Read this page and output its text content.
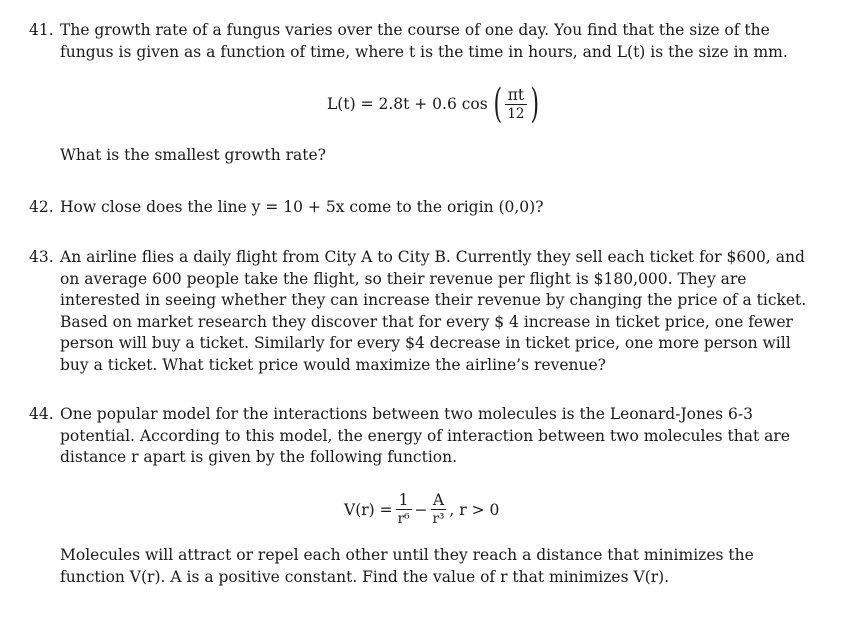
41. The growth rate of a fungus varies over the course of one day. You find that the size of the fungus is given as a function of time, where t is the time in hours, and L(t) is the size in mm.

L(t) = 2.8t + 0.6 cos ( $\frac{\pi t}{12}$ )

What is the smallest growth rate?

42. How close does the line y = 10 + 5x come to the origin (0,0)?

43. An airline flies a daily flight from City A to City B. Currently they sell each ticket for $600, and on average 600 people take the flight, so their revenue per flight is $180,000. They are interested in seeing whether they can increase their revenue by changing the price of a ticket. Based on market research they discover that for every $ 4 increase in ticket price, one fewer person will buy a ticket. Similarly for every $4 decrease in ticket price, one more person will buy a ticket. What ticket price would maximize the airline’s revenue?

44. One popular model for the interactions between two molecules is the Leonard-Jones 6-3 potential. According to this model, the energy of interaction between two molecules that are distance r apart is given by the following function.

$V(r) = \frac{1}{\text{r⁶}} - \frac{A}{\text{r³}}$ , r > 0

Molecules will attract or repel each other until they reach a distance that minimizes the function V(r). A is a positive constant. Find the value of r that minimizes V(r).
